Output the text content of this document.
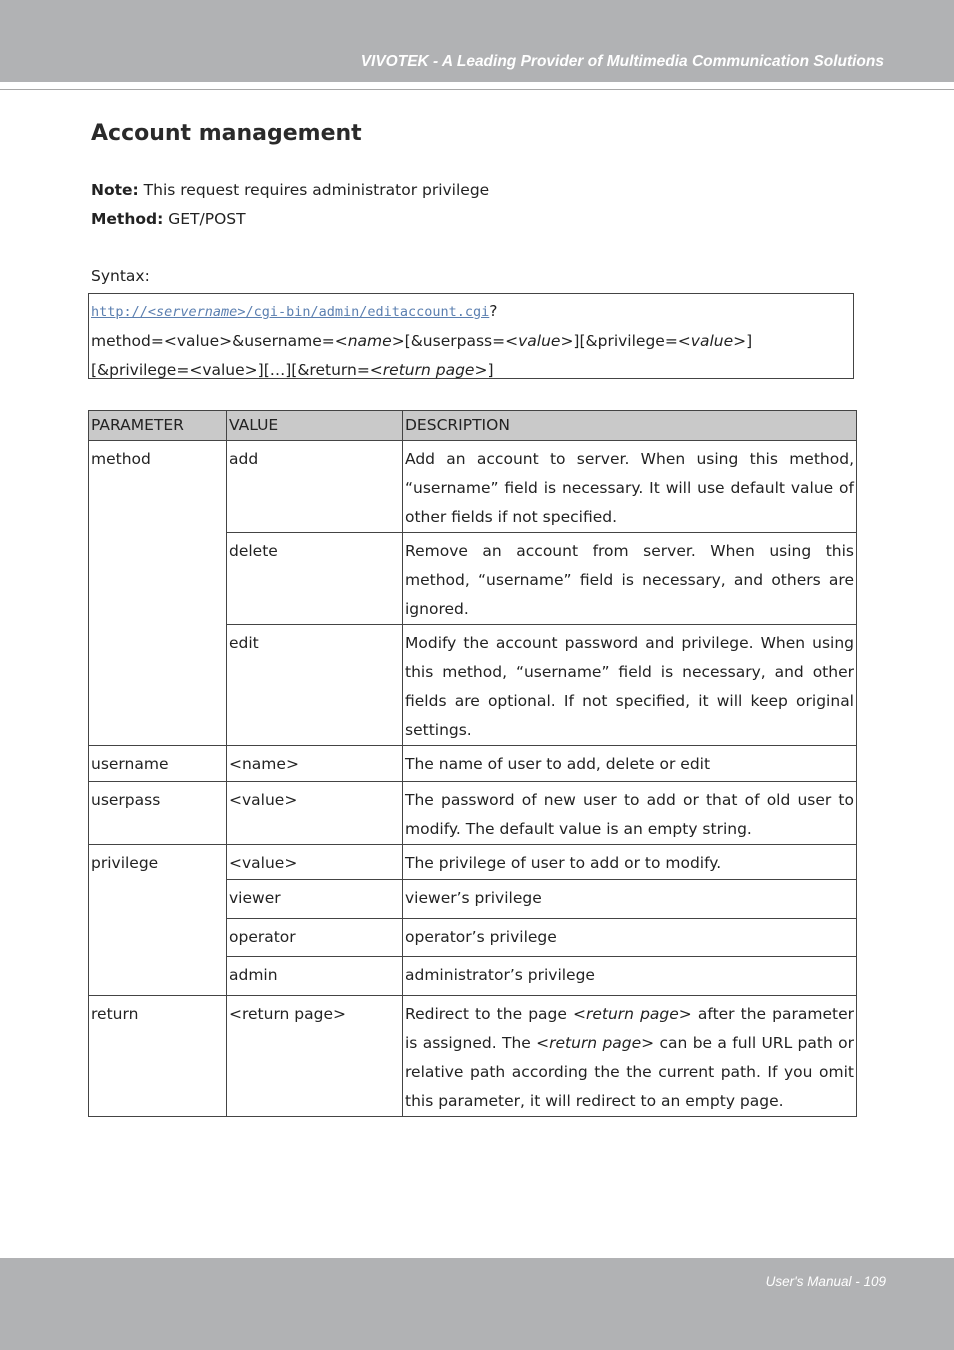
VIVOTEK - A Leading Provider of Multimedia Communication Solutions
Account management
Note: This request requires administrator privilege
Method: GET/POST
Syntax:
http://<servername>/cgi-bin/admin/editaccount.cgi?
method=<value>&username=<name>[&userpass=<value>][&privilege=<value>]
[&privilege=<value>][…][&return=<return page>]
PARAMETER	VALUE	DESCRIPTION
method	add	Add an account to server. When using this method, “username” field is necessary. It will use default value of other fields if not specified.
	delete	Remove an account from server. When using this method, “username” field is necessary, and others are ignored.
	edit	Modify the account password and privilege. When using this method, “username” field is necessary, and other fields are optional. If not specified, it will keep original settings.
username	<name>	The name of user to add, delete or edit
userpass	<value>	The password of new user to add or that of old user to modify. The default value is an empty string.
privilege	<value>	The privilege of user to add or to modify.
	viewer	viewer’s privilege
	operator	operator’s privilege
	admin	administrator’s privilege
return	<return page>	Redirect to the page <return page> after the parameter is assigned. The <return page> can be a full URL path or relative path according the the current path. If you omit this parameter, it will redirect to an empty page.
User's Manual - 109
